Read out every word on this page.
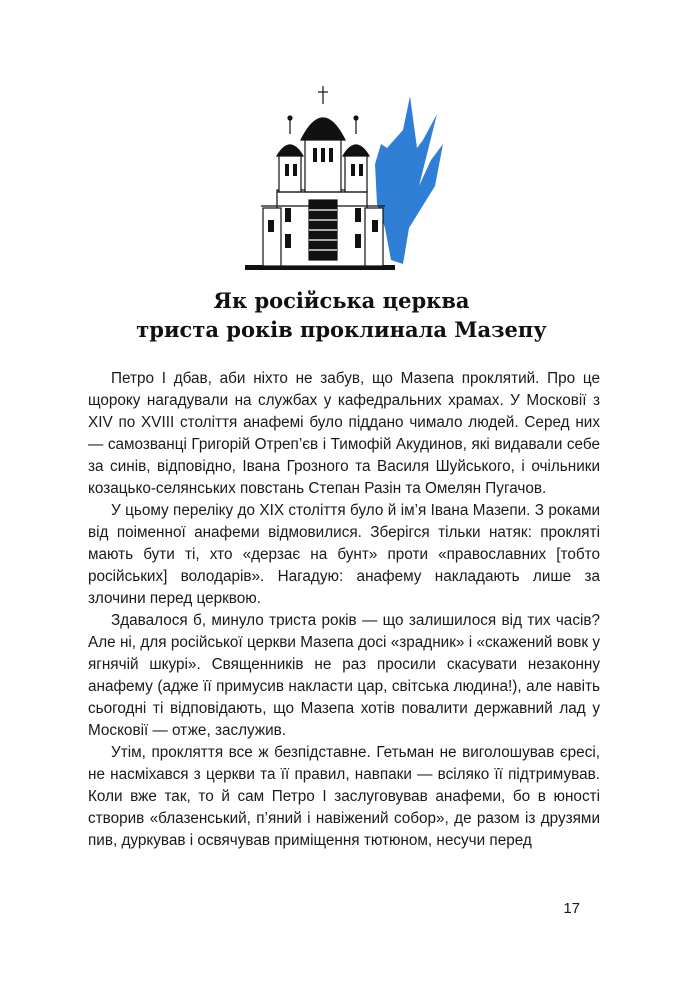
Як російська церква
триста років проклинала Мазепу

Петро I дбав, аби ніхто не забув, що Мазепа проклятий. Про це щороку нагадували на службах у кафедральних храмах. У Московії з XIV по XVIII століття анафемі було піддано чимало людей. Серед них — самозванці Григорій Отреп’єв і Тимофій Акудинов, які видавали себе за синів, відповідно, Івана Грозного та Василя Шуйського, і очільники козацько-селянських повстань Степан Разін та Омелян Пугачов.

У цьому переліку до XIX століття було й ім’я Івана Мазепи. З роками від поіменної анафеми відмовилися. Зберігся тільки натяк: прокляті мають бути ті, хто «дерзає на бунт» проти «православних [тобто російських] володарів». Нагадую: анафему накладають лише за злочини перед церквою.

Здавалося б, минуло триста років — що залишилося від тих часів? Але ні, для російської церкви Мазепа досі «зрадник» і «скажений вовк у ягнячій шкурі». Священників не раз просили скасувати незаконну анафему (адже її примусив накласти цар, світська людина!), але навіть сьогодні ті відповідають, що Мазепа хотів повалити державний лад у Московії — отже, заслужив.

Утім, прокляття все ж безпідставне. Гетьман не виголошував єресі, не насміхався з церкви та її правил, навпаки — всіляко її підтримував. Коли вже так, то й сам Петро I заслуговував анафеми, бо в юності створив «блазенський, п’яний і навіжений собор», де разом із друзями пив, дуркував і освячував приміщення тютюном, несучи перед

17
